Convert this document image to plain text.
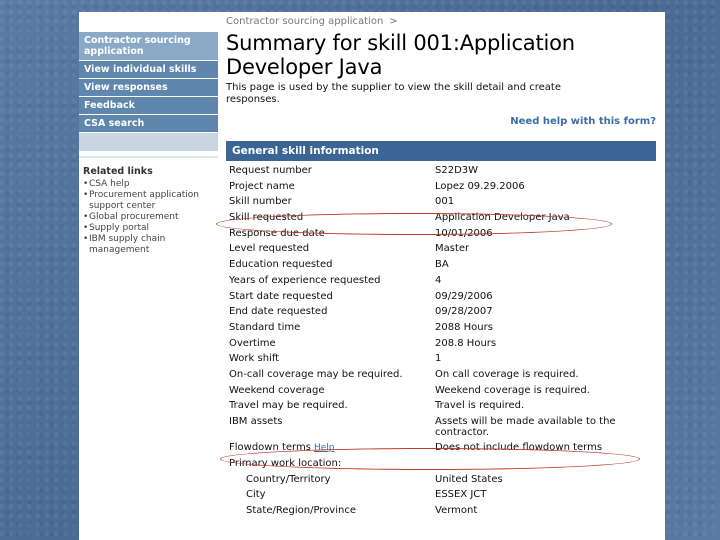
Contractor sourcing application
View individual skills
View responses
Feedback
CSA search
Related links
• CSA help
• Procurement application support center
• Global procurement
• Supply portal
• IBM supply chain management
Contractor sourcing application >
Summary for skill 001:Application Developer Java
This page is used by the supplier to view the skill detail and create responses.
Need help with this form?
General skill information
Request number	S22D3W
Project name	Lopez 09.29.2006
Skill number	001
Skill requested	Application Developer Java
Response due date	10/01/2006
Level requested	Master
Education requested	BA
Years of experience requested	4
Start date requested	09/29/2006
End date requested	09/28/2007
Standard time	2088 Hours
Overtime	208.8 Hours
Work shift	1
On-call coverage may be required.	On call coverage is required.
Weekend coverage	Weekend coverage is required.
Travel may be required.	Travel is required.
IBM assets	Assets will be made available to the contractor.
Flowdown terms Help	Does not include flowdown terms
Primary work location:	
Country/Territory	United States
City	ESSEX JCT
State/Region/Province	Vermont
